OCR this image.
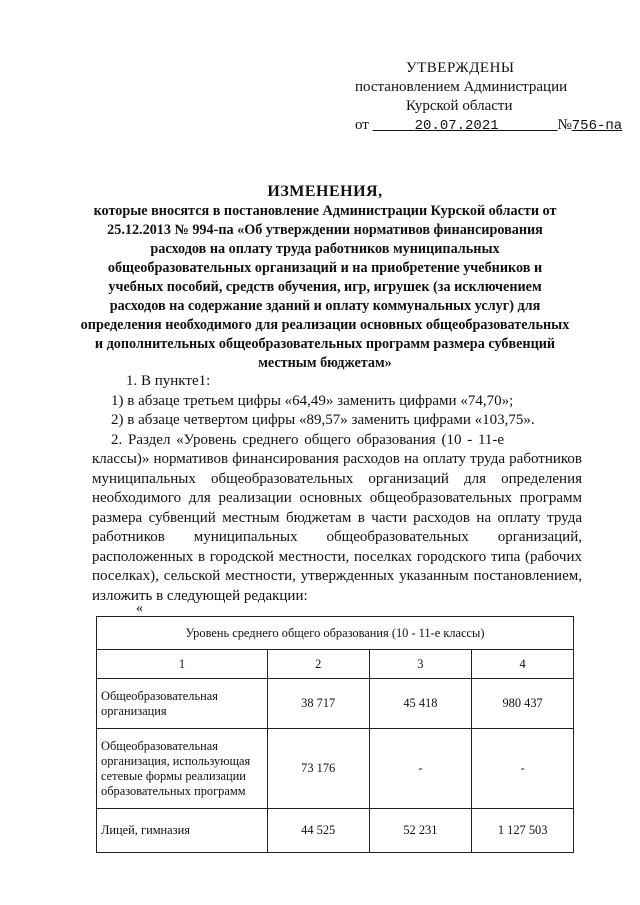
УТВЕРЖДЕНЫ
постановлением Администрации
Курской области
от	20.07.2021	№756-па
ИЗМЕНЕНИЯ,
которые вносятся в постановление Администрации Курской области от 25.12.2013 № 994-па «Об утверждении нормативов финансирования расходов на оплату труда работников муниципальных общеобразовательных организаций и на приобретение учебников и учебных пособий, средств обучения, игр, игрушек (за исключением расходов на содержание зданий и оплату коммунальных услуг) для определения необходимого для реализации основных общеобразовательных и дополнительных общеобразовательных программ размера субвенций местным бюджетам»

1. В пункте1:

1) в абзаце третьем цифры «64,49» заменить цифрами «74,70»;

2) в абзаце четвертом цифры «89,57» заменить цифрами «103,75».

2. Раздел «Уровень среднего общего образования (10 - 11-е

классы)» нормативов финансирования расходов на оплату труда работников муниципальных общеобразовательных организаций для определения необходимого для реализации основных общеобразовательных программ размера субвенций местным бюджетам в части расходов на оплату труда работников муниципальных общеобразовательных организаций, расположенных в городской местности, поселках городского типа (рабочих поселках), сельской местности, утвержденных указанным постановлением, изложить в следующей редакции:

«
Уровень среднего общего образования (10 - 11-е классы)			
1	2	3	4
Общеобразовательная организация	38 717	45 418	980 437
Общеобразовательная организация, использующая сетевые формы реализации образовательных программ	73 176	-	-
Лицей, гимназия	44 525	52 231	1 127 503
